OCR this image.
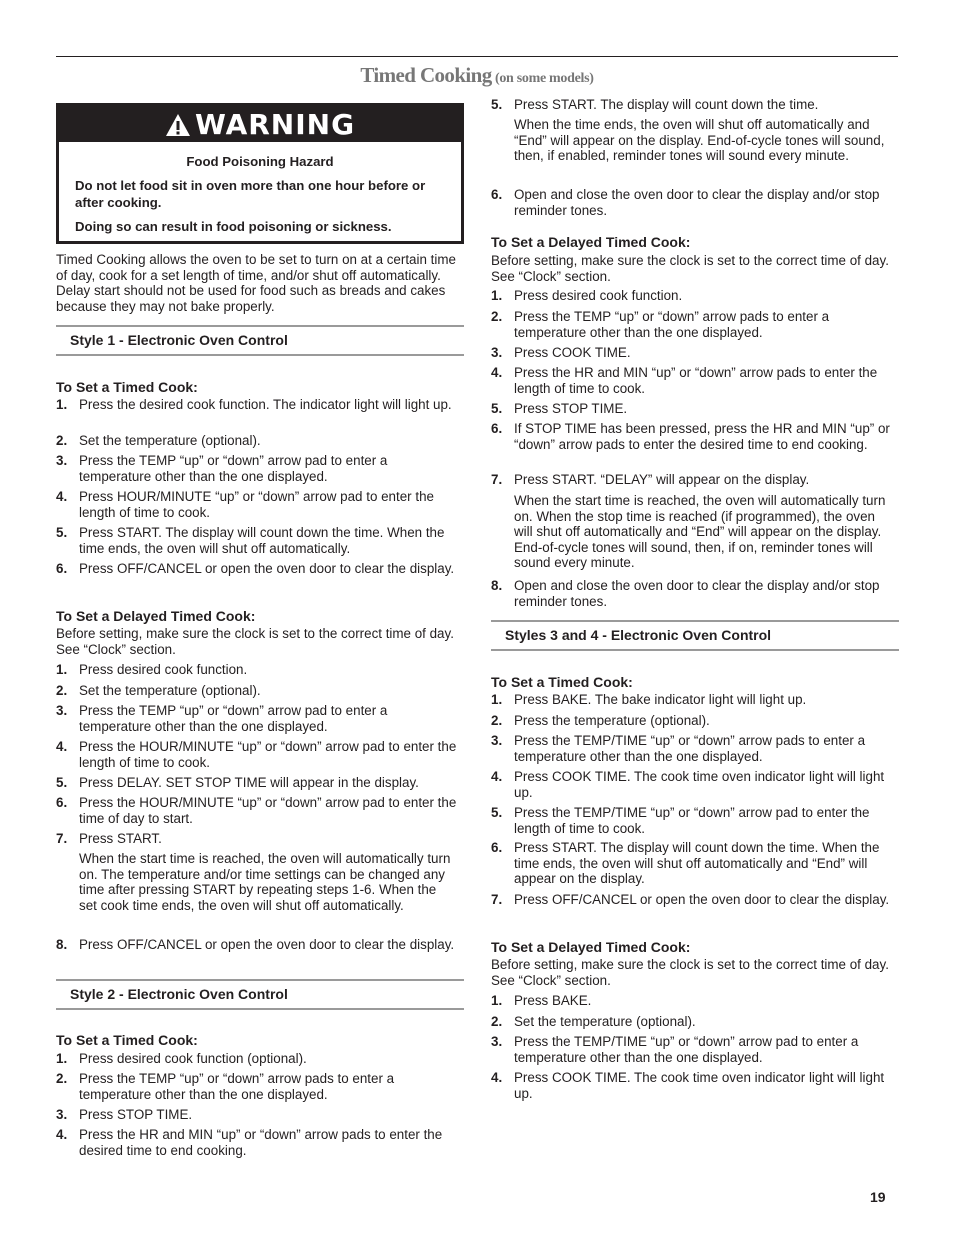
Timed Cooking (on some models)
WARNING
Food Poisoning Hazard

Do not let food sit in oven more than one hour before or after cooking.

Doing so can result in food poisoning or sickness.

Timed Cooking allows the oven to be set to turn on at a certain time of day, cook for a set length of time, and/or shut off automatically. Delay start should not be used for food such as breads and cakes because they may not bake properly.
Style 1 - Electronic Oven Control
To Set a Timed Cook:
1. Press the desired cook function. The indicator light will light up.
2. Set the temperature (optional).
3. Press the TEMP “up” or “down” arrow pad to enter a temperature other than the one displayed.
4. Press HOUR/MINUTE “up” or “down” arrow pad to enter the length of time to cook.
5. Press START. The display will count down the time. When the time ends, the oven will shut off automatically.
6. Press OFF/CANCEL or open the oven door to clear the display.
To Set a Delayed Timed Cook:
Before setting, make sure the clock is set to the correct time of day. See “Clock” section.
1. Press desired cook function.
2. Set the temperature (optional).
3. Press the TEMP “up” or “down” arrow pad to enter a temperature other than the one displayed.
4. Press the HOUR/MINUTE “up” or “down” arrow pad to enter the length of time to cook.
5. Press DELAY. SET STOP TIME will appear in the display.
6. Press the HOUR/MINUTE “up” or “down” arrow pad to enter the time of day to start.
7. Press START.
When the start time is reached, the oven will automatically turn on. The temperature and/or time settings can be changed any time after pressing START by repeating steps 1-6. When the set cook time ends, the oven will shut off automatically.
8. Press OFF/CANCEL or open the oven door to clear the display.
Style 2 - Electronic Oven Control
To Set a Timed Cook:
1. Press desired cook function (optional).
2. Press the TEMP “up” or “down” arrow pads to enter a temperature other than the one displayed.
3. Press STOP TIME.
4. Press the HR and MIN “up” or “down” arrow pads to enter the desired time to end cooking.
5. Press START. The display will count down the time.
When the time ends, the oven will shut off automatically and “End” will appear on the display. End-of-cycle tones will sound, then, if enabled, reminder tones will sound every minute.
6. Open and close the oven door to clear the display and/or stop reminder tones.
To Set a Delayed Timed Cook:
Before setting, make sure the clock is set to the correct time of day. See “Clock” section.
1. Press desired cook function.
2. Press the TEMP “up” or “down” arrow pads to enter a temperature other than the one displayed.
3. Press COOK TIME.
4. Press the HR and MIN “up” or “down” arrow pads to enter the length of time to cook.
5. Press STOP TIME.
6. If STOP TIME has been pressed, press the HR and MIN “up” or “down” arrow pads to enter the desired time to end cooking.
7. Press START. “DELAY” will appear on the display.
When the start time is reached, the oven will automatically turn on. When the stop time is reached (if programmed), the oven will shut off automatically and “End” will appear on the display. End-of-cycle tones will sound, then, if on, reminder tones will sound every minute.
8. Open and close the oven door to clear the display and/or stop reminder tones.
Styles 3 and 4 - Electronic Oven Control
To Set a Timed Cook:
1. Press BAKE. The bake indicator light will light up.
2. Press the temperature (optional).
3. Press the TEMP/TIME “up” or “down” arrow pads to enter a temperature other than the one displayed.
4. Press COOK TIME. The cook time oven indicator light will light up.
5. Press the TEMP/TIME “up” or “down” arrow pad to enter the length of time to cook.
6. Press START. The display will count down the time. When the time ends, the oven will shut off automatically and “End” will appear on the display.
7. Press OFF/CANCEL or open the oven door to clear the display.
To Set a Delayed Timed Cook:
Before setting, make sure the clock is set to the correct time of day. See “Clock” section.
1. Press BAKE.
2. Set the temperature (optional).
3. Press the TEMP/TIME “up” or “down” arrow pad to enter a temperature other than the one displayed.
4. Press COOK TIME. The cook time oven indicator light will light up.
19
